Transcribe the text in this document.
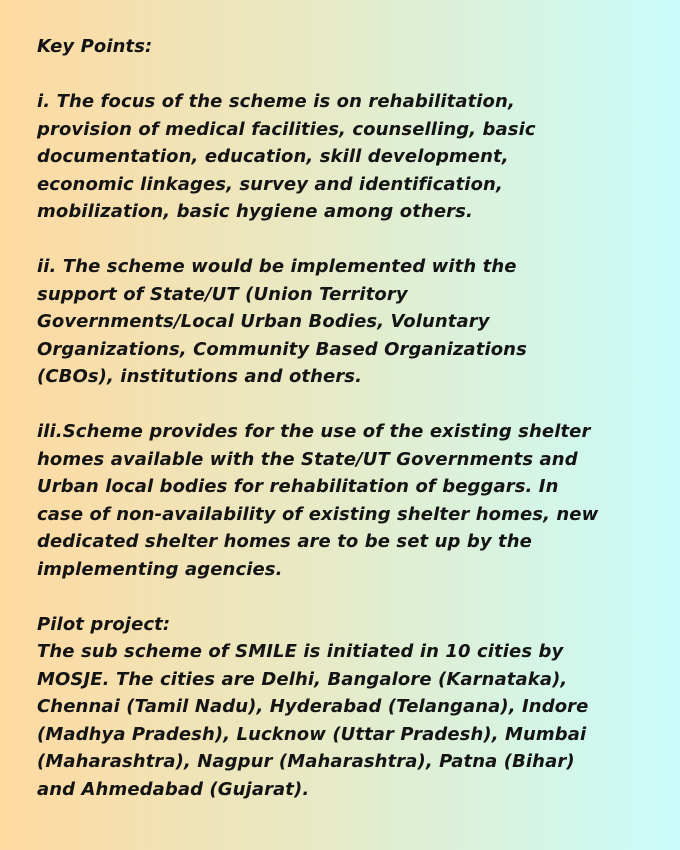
Key Points:
i. The focus of the scheme is on rehabilitation,
provision of medical facilities, counselling, basic
documentation, education, skill development,
economic linkages, survey and identification,
mobilization, basic hygiene among others.
ii. The scheme would be implemented with the
support of State/UT (Union Territory
Governments/Local Urban Bodies, Voluntary
Organizations, Community Based Organizations
(CBOs), institutions and others.
ili.Scheme provides for the use of the existing shelter
homes available with the State/UT Governments and
Urban local bodies for rehabilitation of beggars. In
case of non-availability of existing shelter homes, new
dedicated shelter homes are to be set up by the
implementing agencies.
Pilot project:
The sub scheme of SMILE is initiated in 10 cities by
MOSJE. The cities are Delhi, Bangalore (Karnataka),
Chennai (Tamil Nadu), Hyderabad (Telangana), Indore
(Madhya Pradesh), Lucknow (Uttar Pradesh), Mumbai
(Maharashtra), Nagpur (Maharashtra), Patna (Bihar)
and Ahmedabad (Gujarat).
